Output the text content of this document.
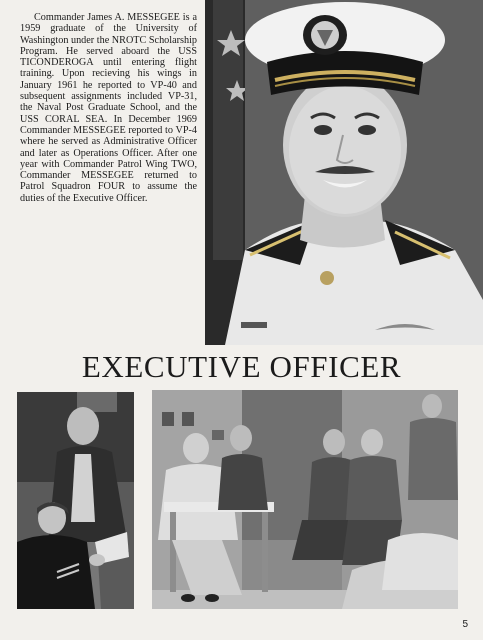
Commander James A. MESSEGEE is a 1959 graduate of the University of Washington under the NROTC Scholarship Program. He served aboard the USS TICONDEROGA until entering flight training. Upon recieving his wings in January 1961 he reported to VP-40 and subsequent assignments included VP-31, the Naval Post Graduate School, and the USS CORAL SEA. In December 1969 Commander MESSEGEE reported to VP-4 where he served as Administrative Officer and later as Operations Officer. After one year with Commander Patrol Wing TWO, Commander MESSEGEE returned to Patrol Squadron FOUR to assume the duties of the Executive Officer.

EXECUTIVE OFFICER
5
